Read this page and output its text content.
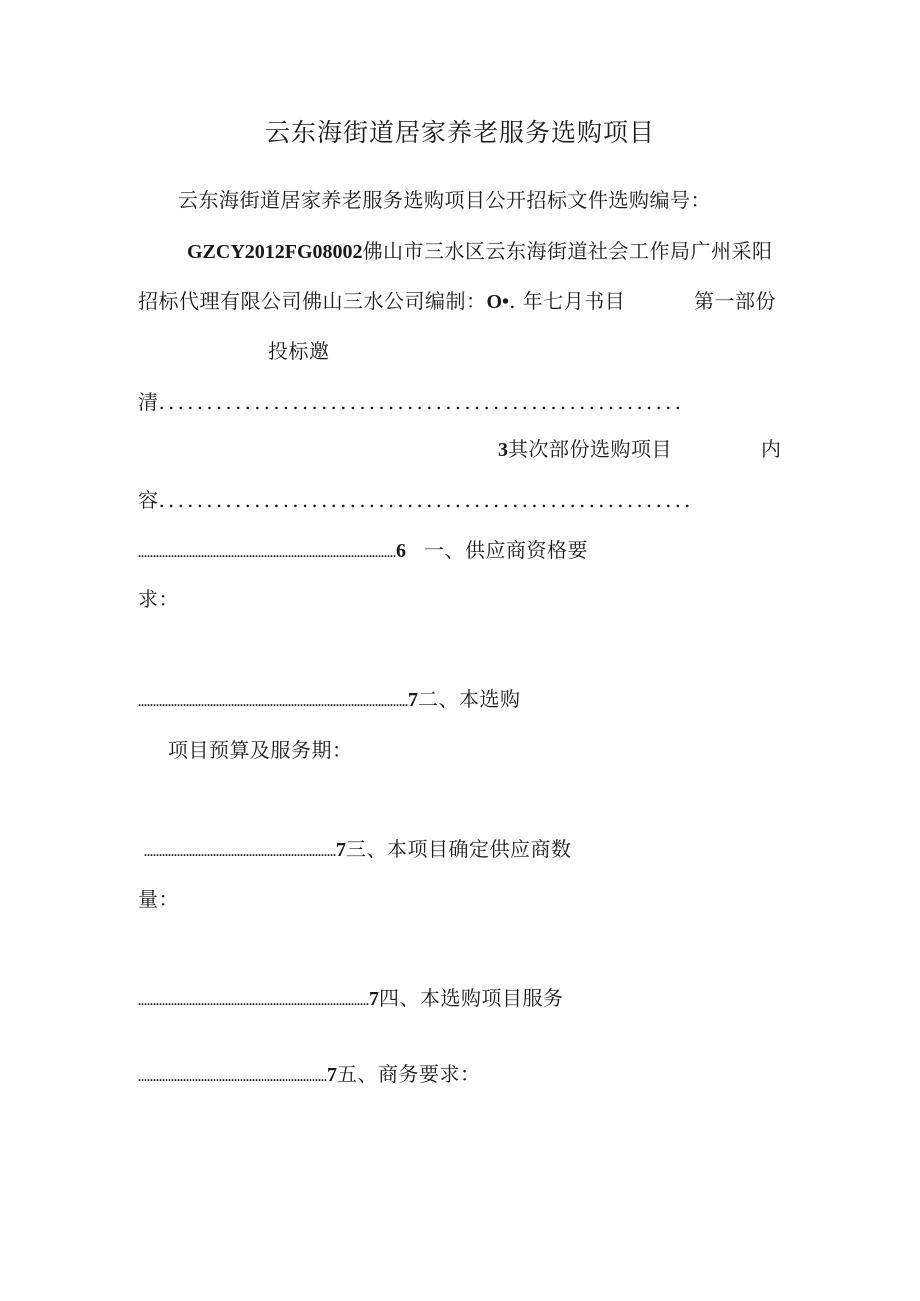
云东海街道居家养老服务选购项目
云东海街道居家养老服务选购项目公开招标文件选购编号：
GZCY2012FG08002佛山市三水区云东海街道社会工作局广州采阳
招标代理有限公司佛山三水公司编制：O•. 年七月书目	第一部份
投标邀
清.......................................................
3其次部份选购项目	内
容........................................................
......................................................................................6 一、供应商资格要
求：
..........................................................................................7二、本选购
项目预算及服务期：
................................................................7三、本项目确定供应商数
量：
.............................................................................7四、本选购项目服务
...............................................................7五、商务要求：
